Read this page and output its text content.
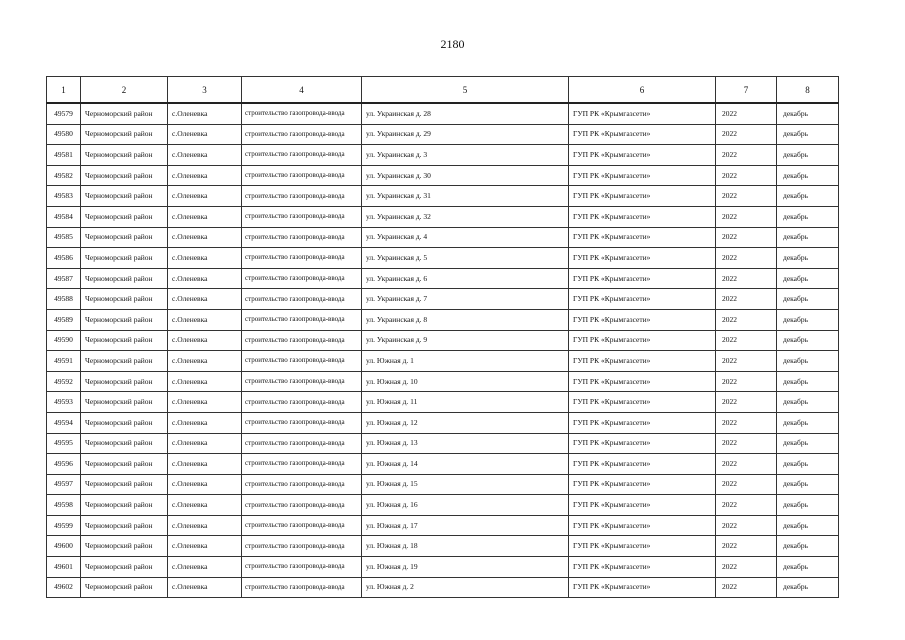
2180
1	2	3	4	5	6	7	8
49579	Черноморский район	с.Оленевка	строительство газопровода-ввода	ул. Украинская д. 28	ГУП РК «Крымгазсети»	2022	декабрь
49580	Черноморский район	с.Оленевка	строительство газопровода-ввода	ул. Украинская д. 29	ГУП РК «Крымгазсети»	2022	декабрь
49581	Черноморский район	с.Оленевка	строительство газопровода-ввода	ул. Украинская д. 3	ГУП РК «Крымгазсети»	2022	декабрь
49582	Черноморский район	с.Оленевка	строительство газопровода-ввода	ул. Украинская д. 30	ГУП РК «Крымгазсети»	2022	декабрь
49583	Черноморский район	с.Оленевка	строительство газопровода-ввода	ул. Украинская д. 31	ГУП РК «Крымгазсети»	2022	декабрь
49584	Черноморский район	с.Оленевка	строительство газопровода-ввода	ул. Украинская д. 32	ГУП РК «Крымгазсети»	2022	декабрь
49585	Черноморский район	с.Оленевка	строительство газопровода-ввода	ул. Украинская д. 4	ГУП РК «Крымгазсети»	2022	декабрь
49586	Черноморский район	с.Оленевка	строительство газопровода-ввода	ул. Украинская д. 5	ГУП РК «Крымгазсети»	2022	декабрь
49587	Черноморский район	с.Оленевка	строительство газопровода-ввода	ул. Украинская д. 6	ГУП РК «Крымгазсети»	2022	декабрь
49588	Черноморский район	с.Оленевка	строительство газопровода-ввода	ул. Украинская д. 7	ГУП РК «Крымгазсети»	2022	декабрь
49589	Черноморский район	с.Оленевка	строительство газопровода-ввода	ул. Украинская д. 8	ГУП РК «Крымгазсети»	2022	декабрь
49590	Черноморский район	с.Оленевка	строительство газопровода-ввода	ул. Украинская д. 9	ГУП РК «Крымгазсети»	2022	декабрь
49591	Черноморский район	с.Оленевка	строительство газопровода-ввода	ул. Южная д. 1	ГУП РК «Крымгазсети»	2022	декабрь
49592	Черноморский район	с.Оленевка	строительство газопровода-ввода	ул. Южная д. 10	ГУП РК «Крымгазсети»	2022	декабрь
49593	Черноморский район	с.Оленевка	строительство газопровода-ввода	ул. Южная д. 11	ГУП РК «Крымгазсети»	2022	декабрь
49594	Черноморский район	с.Оленевка	строительство газопровода-ввода	ул. Южная д. 12	ГУП РК «Крымгазсети»	2022	декабрь
49595	Черноморский район	с.Оленевка	строительство газопровода-ввода	ул. Южная д. 13	ГУП РК «Крымгазсети»	2022	декабрь
49596	Черноморский район	с.Оленевка	строительство газопровода-ввода	ул. Южная д. 14	ГУП РК «Крымгазсети»	2022	декабрь
49597	Черноморский район	с.Оленевка	строительство газопровода-ввода	ул. Южная д. 15	ГУП РК «Крымгазсети»	2022	декабрь
49598	Черноморский район	с.Оленевка	строительство газопровода-ввода	ул. Южная д. 16	ГУП РК «Крымгазсети»	2022	декабрь
49599	Черноморский район	с.Оленевка	строительство газопровода-ввода	ул. Южная д. 17	ГУП РК «Крымгазсети»	2022	декабрь
49600	Черноморский район	с.Оленевка	строительство газопровода-ввода	ул. Южная д. 18	ГУП РК «Крымгазсети»	2022	декабрь
49601	Черноморский район	с.Оленевка	строительство газопровода-ввода	ул. Южная д. 19	ГУП РК «Крымгазсети»	2022	декабрь
49602	Черноморский район	с.Оленевка	строительство газопровода-ввода	ул. Южная д. 2	ГУП РК «Крымгазсети»	2022	декабрь
